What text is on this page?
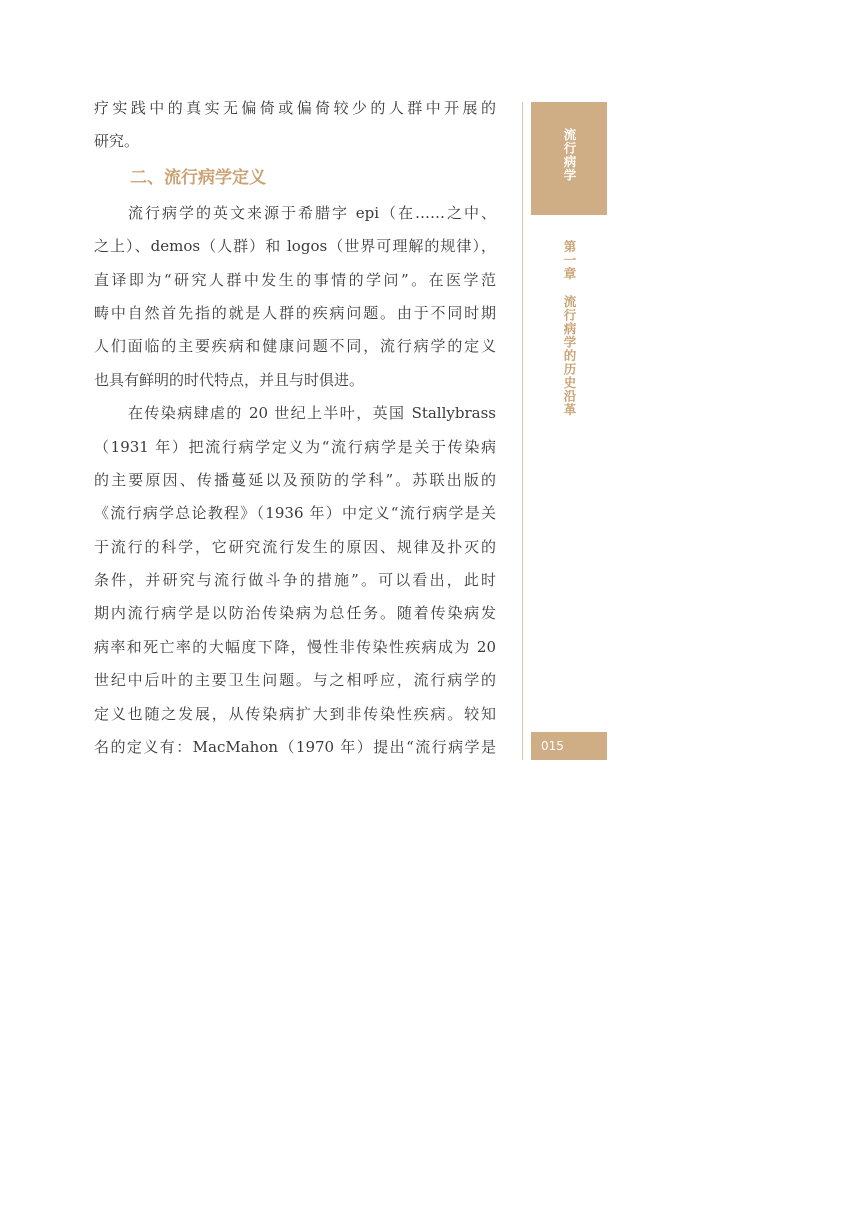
疗实践中的真实无偏倚或偏倚较少的人群中开展的
研究。
二、流行病学定义
流行病学的英文来源于希腊字 epi（在……之中、
之上）、demos（人群）和 logos（世界可理解的规律），
直译即为“研究人群中发生的事情的学问”。在医学范
畴中自然首先指的就是人群的疾病问题。由于不同时期
人们面临的主要疾病和健康问题不同，流行病学的定义
也具有鲜明的时代特点，并且与时俱进。
在传染病肆虐的 20 世纪上半叶，英国 Stallybrass
（1931 年）把流行病学定义为“流行病学是关于传染病
的主要原因、传播蔓延以及预防的学科”。苏联出版的
《流行病学总论教程》（1936 年）中定义“流行病学是关
于流行的科学，它研究流行发生的原因、规律及扑灭的
条件，并研究与流行做斗争的措施”。可以看出，此时
期内流行病学是以防治传染病为总任务。随着传染病发
病率和死亡率的大幅度下降，慢性非传染性疾病成为 20
世纪中后叶的主要卫生问题。与之相呼应，流行病学的
定义也随之发展，从传染病扩大到非传染性疾病。较知
名的定义有：MacMahon（1970 年）提出“流行病学是
流行病学
第一章
流行病学的历史沿革
015
